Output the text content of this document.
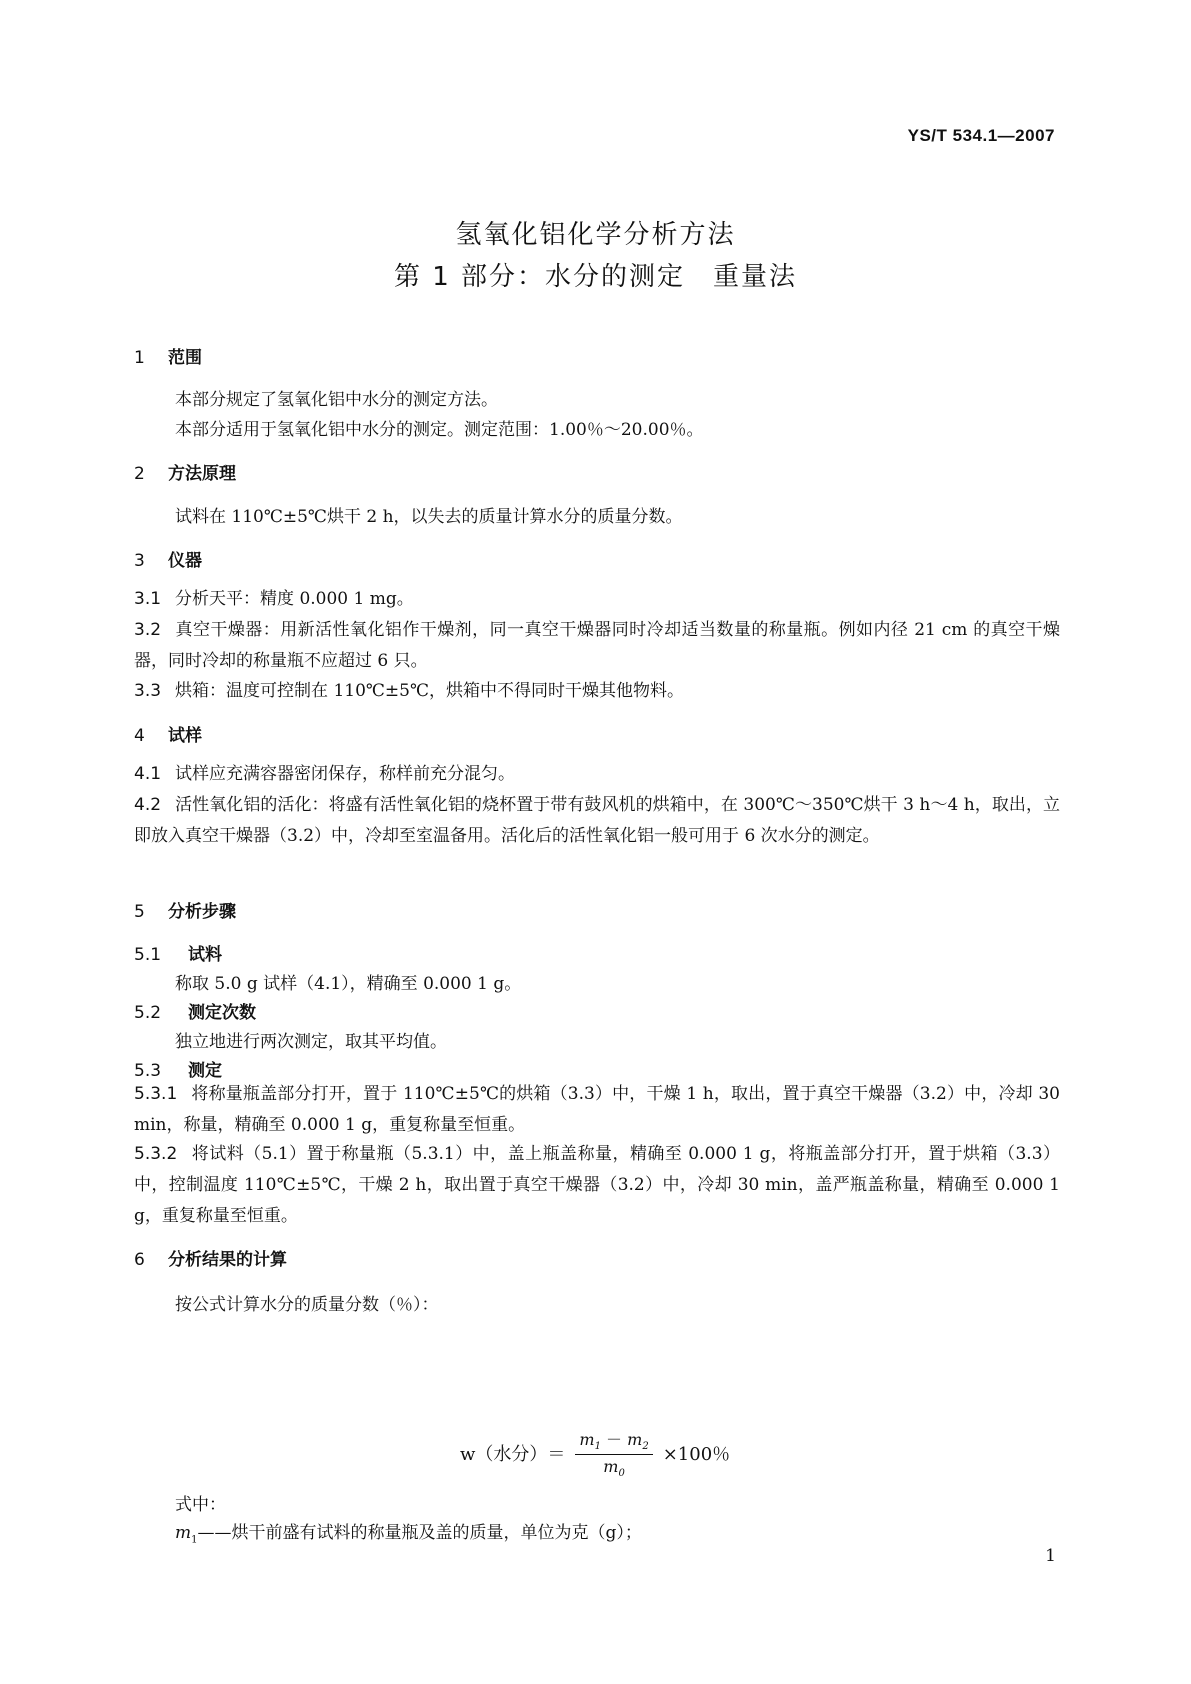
YS/T 534.1—2007
氢氧化铝化学分析方法
第 1 部分：水分的测定　重量法
1 范围
本部分规定了氢氧化铝中水分的测定方法。
本部分适用于氢氧化铝中水分的测定。测定范围：1.00％～20.00％。
2 方法原理
试料在 110℃±5℃烘干 2 h，以失去的质量计算水分的质量分数。
3 仪器
3.1 分析天平：精度 0.000 1 mg。
3.2 真空干燥器：用新活性氧化铝作干燥剂，同一真空干燥器同时冷却适当数量的称量瓶。例如内径 21 cm 的真空干燥器，同时冷却的称量瓶不应超过 6 只。
3.3 烘箱：温度可控制在 110℃±5℃，烘箱中不得同时干燥其他物料。
4 试样
4.1 试样应充满容器密闭保存，称样前充分混匀。
4.2 活性氧化铝的活化：将盛有活性氧化铝的烧杯置于带有鼓风机的烘箱中，在 300℃～350℃烘干 3 h～4 h，取出，立即放入真空干燥器（3.2）中，冷却至室温备用。活化后的活性氧化铝一般可用于 6 次水分的测定。
5 分析步骤
5.1 试料
称取 5.0 g 试样（4.1），精确至 0.000 1 g。
5.2 测定次数
独立地进行两次测定，取其平均值。
5.3 测定
5.3.1 将称量瓶盖部分打开，置于 110℃±5℃的烘箱（3.3）中，干燥 1 h，取出，置于真空干燥器（3.2）中，冷却 30 min，称量，精确至 0.000 1 g，重复称量至恒重。
5.3.2 将试料（5.1）置于称量瓶（5.3.1）中，盖上瓶盖称量，精确至 0.000 1 g，将瓶盖部分打开，置于烘箱（3.3）中，控制温度 110℃±5℃，干燥 2 h，取出置于真空干燥器（3.2）中，冷却 30 min，盖严瓶盖称量，精确至 0.000 1 g，重复称量至恒重。
6 分析结果的计算
按公式计算水分的质量分数（％）：
w（水分）＝ $\frac{m_1 - m_2}{m_0} \times 100$％
式中：
$m_1——$烘干前盛有试料的称量瓶及盖的质量，单位为克（g）；
1
